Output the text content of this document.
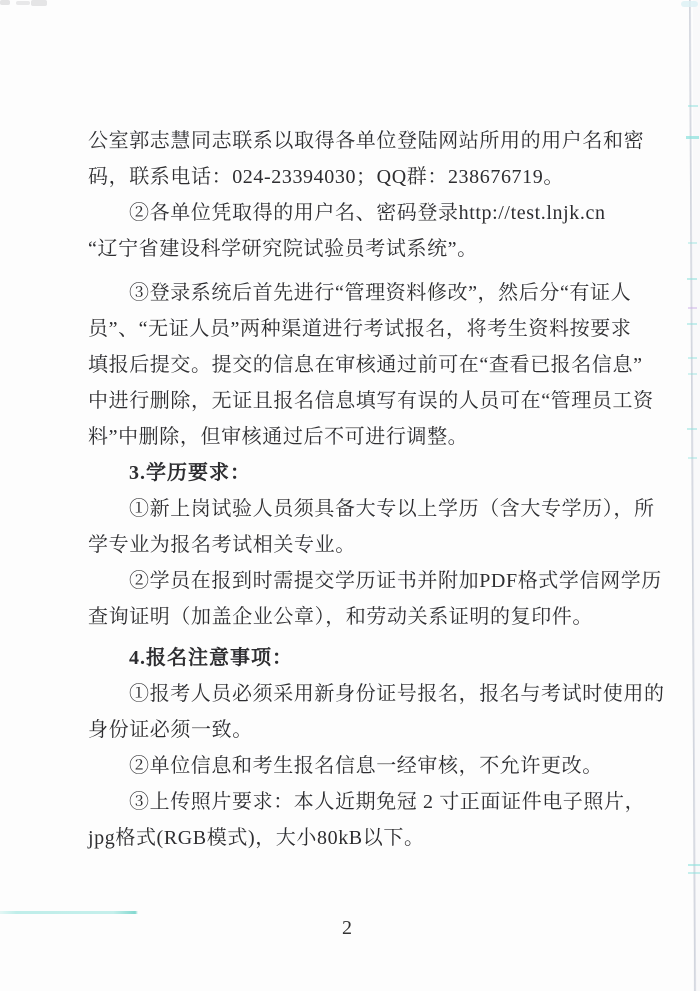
公室郭志慧同志联系以取得各单位登陆网站所用的用户名和密
码，联系电话：024-23394030；QQ群：238676719。
②各单位凭取得的用户名、密码登录http://test.lnjk.cn
“辽宁省建设科学研究院试验员考试系统”。
③登录系统后首先进行“管理资料修改”，然后分“有证人
员”、“无证人员”两种渠道进行考试报名，将考生资料按要求
填报后提交。提交的信息在审核通过前可在“查看已报名信息”
中进行删除，无证且报名信息填写有误的人员可在“管理员工资
料”中删除，但审核通过后不可进行调整。
3.学历要求：
①新上岗试验人员须具备大专以上学历（含大专学历），所
学专业为报名考试相关专业。
②学员在报到时需提交学历证书并附加PDF格式学信网学历
查询证明（加盖企业公章），和劳动关系证明的复印件。
4.报名注意事项：
①报考人员必须采用新身份证号报名，报名与考试时使用的
身份证必须一致。
②单位信息和考生报名信息一经审核，不允许更改。
③上传照片要求：本人近期免冠 2 寸正面证件电子照片，
jpg格式(RGB模式)，大小80kB以下。
2
